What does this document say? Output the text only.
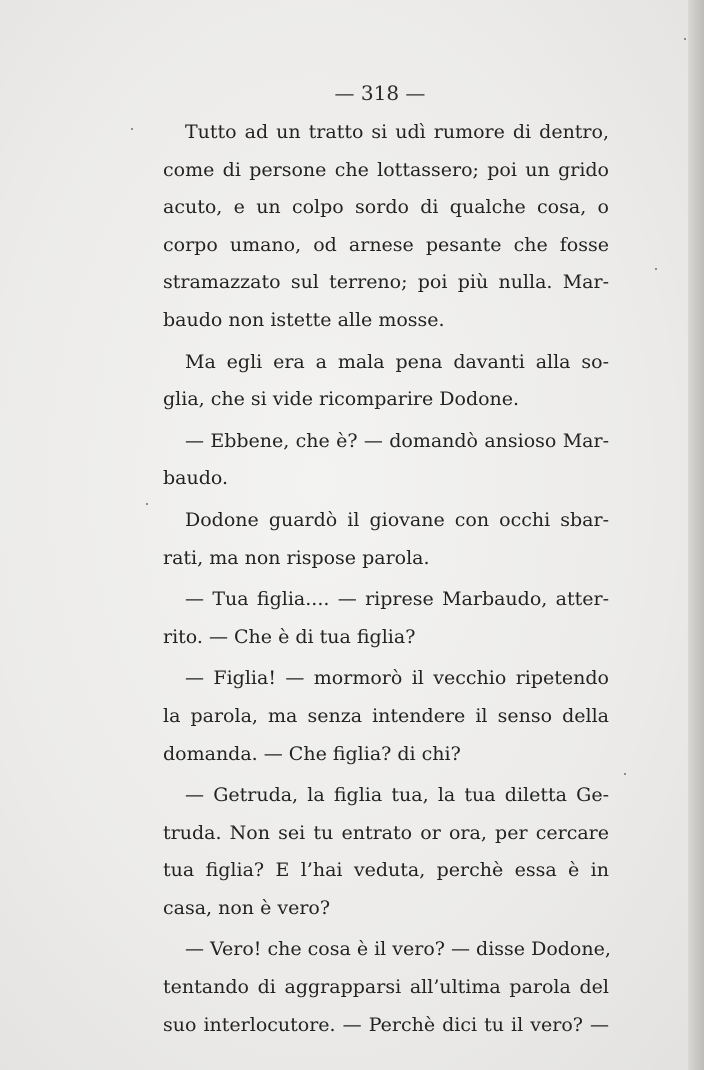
— 318 —
Tutto ad un tratto si udì rumore di dentro,
come di persone che lottassero; poi un grido
acuto, e un colpo sordo di qualche cosa, o
corpo umano, od arnese pesante che fosse
stramazzato sul terreno; poi più nulla. Mar-
baudo non istette alle mosse.
Ma egli era a mala pena davanti alla so-
glia, che si vide ricomparire Dodone.
— Ebbene, che è? — domandò ansioso Mar-
baudo.
Dodone guardò il giovane con occhi sbar-
rati, ma non rispose parola.
— Tua figlia.... — riprese Marbaudo, atter-
rito. — Che è di tua figlia?
— Figlia! — mormorò il vecchio ripetendo
la parola, ma senza intendere il senso della
domanda. — Che figlia? di chi?
— Getruda, la figlia tua, la tua diletta Ge-
truda. Non sei tu entrato or ora, per cercare
tua figlia? E l’hai veduta, perchè essa è in
casa, non è vero?
— Vero! che cosa è il vero? — disse Dodone,
tentando di aggrapparsi all’ultima parola del
suo interlocutore. — Perchè dici tu il vero? —
